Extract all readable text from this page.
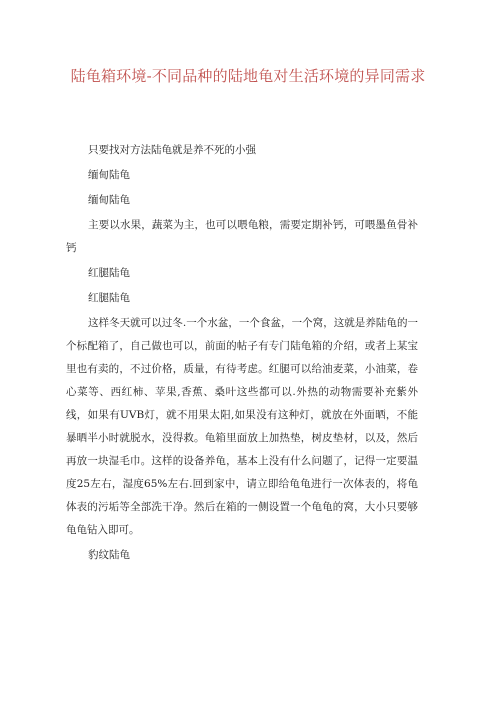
陆龟箱环境-不同品种的陆地龟对生活环境的异同需求

只要找对方法陆龟就是养不死的小强

缅甸陆龟

缅甸陆龟

主要以水果，蔬菜为主，也可以喂龟粮，需要定期补钙，可喂墨鱼骨补钙

红腿陆龟

红腿陆龟

这样冬天就可以过冬.一个水盆，一个食盆，一个窝，这就是养陆龟的一个标配箱了，自己做也可以，前面的帖子有专门陆龟箱的介绍，或者上某宝里也有卖的，不过价格，质量，有待考虑。红腿可以给油麦菜，小油菜，卷心菜等、西红柿、苹果,香蕉、桑叶这些都可以.外热的动物需要补充紫外线，如果有UVB灯，就不用果太阳,如果没有这种灯，就放在外面晒，不能暴晒半小时就脱水，没得救。龟箱里面放上加热垫，树皮垫材，以及，然后再放一块湿毛巾。这样的设备养龟，基本上没有什么问题了，记得一定要温度25左右，湿度65%左右.回到家中，请立即给龟龟进行一次体表的，将龟体表的污垢等全部洗干净。然后在箱的一侧设置一个龟龟的窝，大小只要够龟龟钻入即可。

豹纹陆龟
